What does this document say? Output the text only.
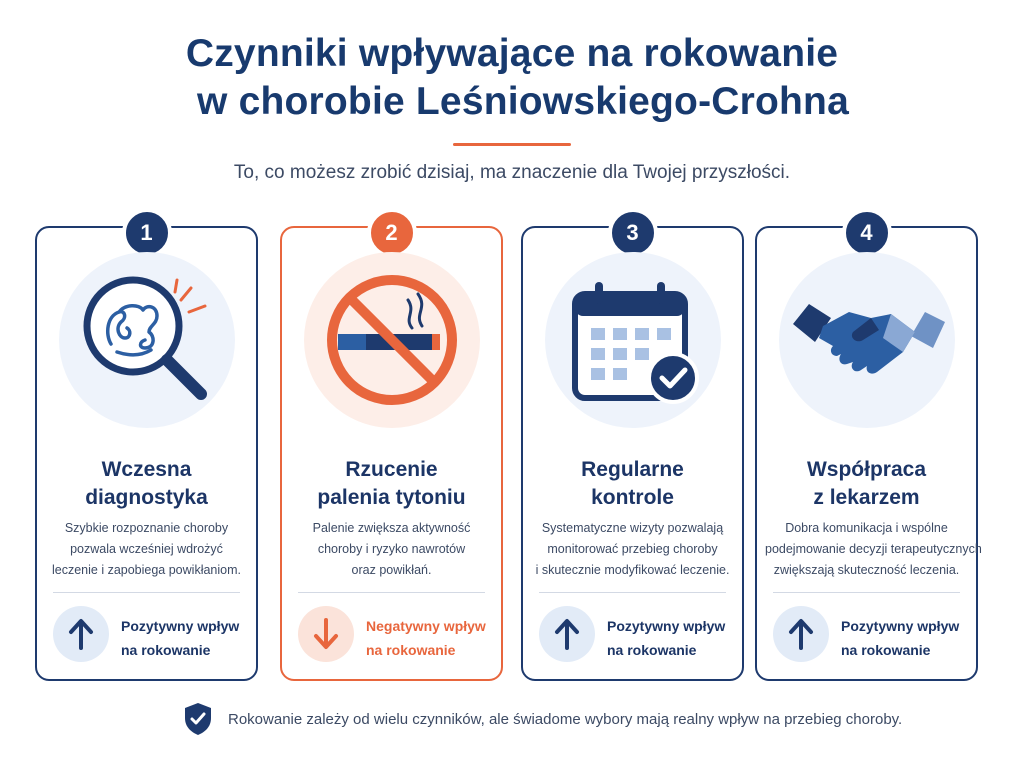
Czynniki wpływające na rokowanie
w chorobie Leśniowskiego-Crohna
To, co możesz zrobić dzisiaj, ma znaczenie dla Twojej przyszłości.
1
Wczesna
diagnostyka
Szybkie rozpoznanie choroby
pozwala wcześniej wdrożyć
leczenie i zapobiega powikłaniom.
Pozytywny wpływ
na rokowanie
2
Rzucenie
palenia tytoniu
Palenie zwiększa aktywność
choroby i ryzyko nawrotów
oraz powikłań.
Negatywny wpływ
na rokowanie
3
Regularne
kontrole
Systematyczne wizyty pozwalają
monitorować przebieg choroby
i skutecznie modyfikować leczenie.
Pozytywny wpływ
na rokowanie
4
Współpraca
z lekarzem
Dobra komunikacja i wspólne
podejmowanie decyzji terapeutycznych
zwiększają skuteczność leczenia.
Pozytywny wpływ
na rokowanie
Rokowanie zależy od wielu czynników, ale świadome wybory mają realny wpływ na przebieg choroby.
